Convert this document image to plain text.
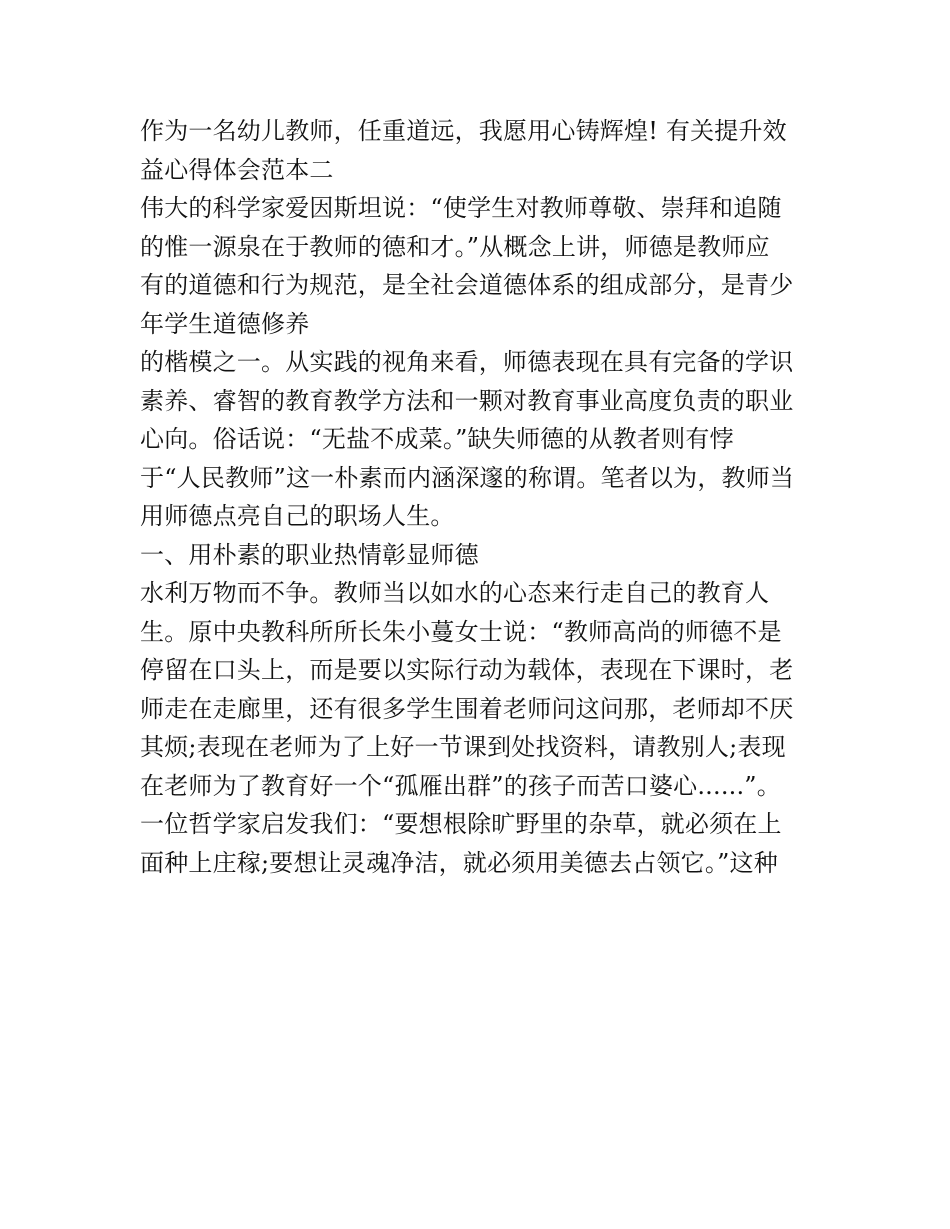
作为一名幼儿教师，任重道远，我愿用心铸辉煌! 有关提升效
益心得体会范本二
伟大的科学家爱因斯坦说：“使学生对教师尊敬、崇拜和追随
的惟一源泉在于教师的德和才。”从概念上讲，师德是教师应
有的道德和行为规范，是全社会道德体系的组成部分，是青少
年学生道德修养
的楷模之一。从实践的视角来看，师德表现在具有完备的学识
素养、睿智的教育教学方法和一颗对教育事业高度负责的职业
心向。俗话说：“无盐不成菜。”缺失师德的从教者则有悖
于“人民教师”这一朴素而内涵深邃的称谓。笔者以为，教师当
用师德点亮自己的职场人生。
一、用朴素的职业热情彰显师德
水利万物而不争。教师当以如水的心态来行走自己的教育人
生。原中央教科所所长朱小蔓女士说：“教师高尚的师德不是
停留在口头上，而是要以实际行动为载体，表现在下课时，老
师走在走廊里，还有很多学生围着老师问这问那，老师却不厌
其烦;表现在老师为了上好一节课到处找资料，请教别人;表现
在老师为了教育好一个“孤雁出群”的孩子而苦口婆心......”。
一位哲学家启发我们：“要想根除旷野里的杂草，就必须在上
面种上庄稼;要想让灵魂净洁，就必须用美德去占领它。”这种
